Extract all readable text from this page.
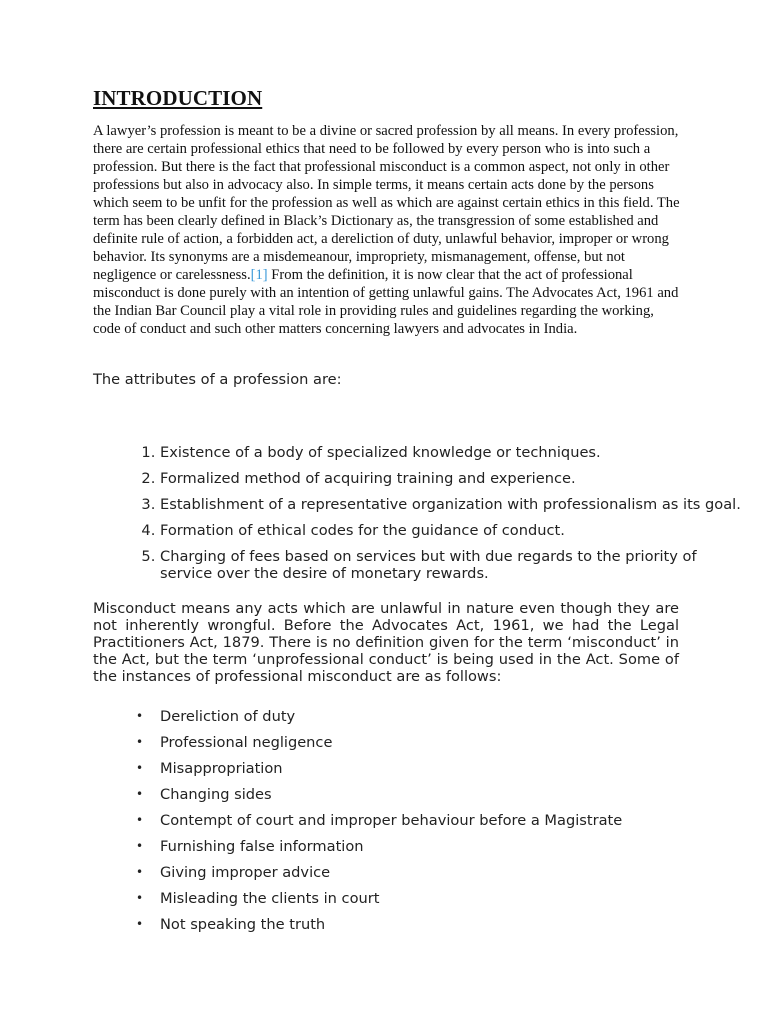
INTRODUCTION

A lawyer’s profession is meant to be a divine or sacred profession by all means. In every profession, there are certain professional ethics that need to be followed by every person who is into such a profession. But there is the fact that professional misconduct is a common aspect, not only in other professions but also in advocacy also. In simple terms, it means certain acts done by the persons which seem to be unfit for the profession as well as which are against certain ethics in this field. The term has been clearly defined in Black’s Dictionary as, the transgression of some established and definite rule of action, a forbidden act, a dereliction of duty, unlawful behavior, improper or wrong behavior. Its synonyms are a misdemeanour, impropriety, mismanagement, offense, but not negligence or carelessness.[1] From the definition, it is now clear that the act of professional misconduct is done purely with an intention of getting unlawful gains. The Advocates Act, 1961 and the Indian Bar Council play a vital role in providing rules and guidelines regarding the working, code of conduct and such other matters concerning lawyers and advocates in India.

The attributes of a profession are:

1. Existence of a body of specialized knowledge or techniques.
2. Formalized method of acquiring training and experience.
3. Establishment of a representative organization with professionalism as its goal.
4. Formation of ethical codes for the guidance of conduct.
5. Charging of fees based on services but with due regards to the priority of service over the desire of monetary rewards.

Misconduct means any acts which are unlawful in nature even though they are not inherently wrongful. Before the Advocates Act, 1961, we had the Legal Practitioners Act, 1879. There is no definition given for the term ‘misconduct’ in the Act, but the term ‘unprofessional conduct’ is being used in the Act. Some of the instances of professional misconduct are as follows:

• Dereliction of duty
• Professional negligence
• Misappropriation
• Changing sides
• Contempt of court and improper behaviour before a Magistrate
• Furnishing false information
• Giving improper advice
• Misleading the clients in court
• Not speaking the truth
